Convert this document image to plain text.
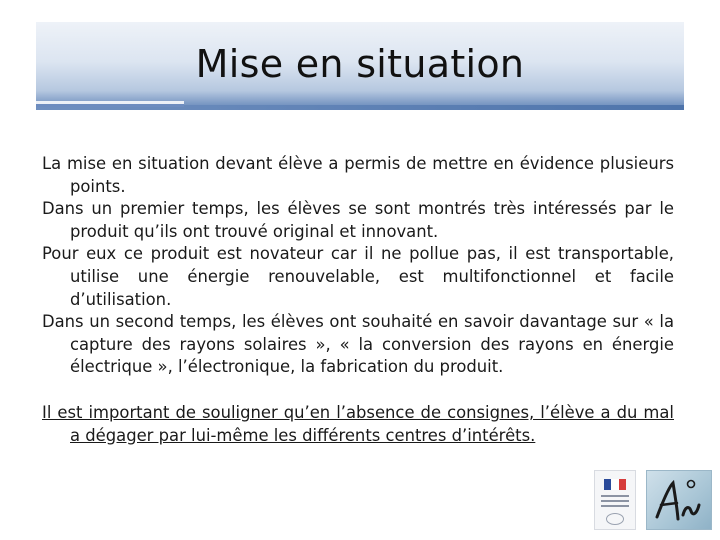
Mise en situation

La mise en situation devant élève a permis de mettre en évidence plusieurs points.

Dans un premier temps, les élèves se sont montrés très intéressés par le produit qu’ils ont trouvé original et innovant.

Pour eux ce produit est novateur car il ne pollue pas, il est transportable, utilise une énergie renouvelable, est multifonctionnel et facile d’utilisation.

Dans un second temps, les élèves ont souhaité en savoir davantage sur « la capture des rayons solaires », « la conversion des rayons en énergie électrique », l’électronique, la fabrication du produit.

Il est important de souligner qu’en l’absence de consignes, l’élève a du mal a dégager par lui-même les différents centres d’intérêts.
